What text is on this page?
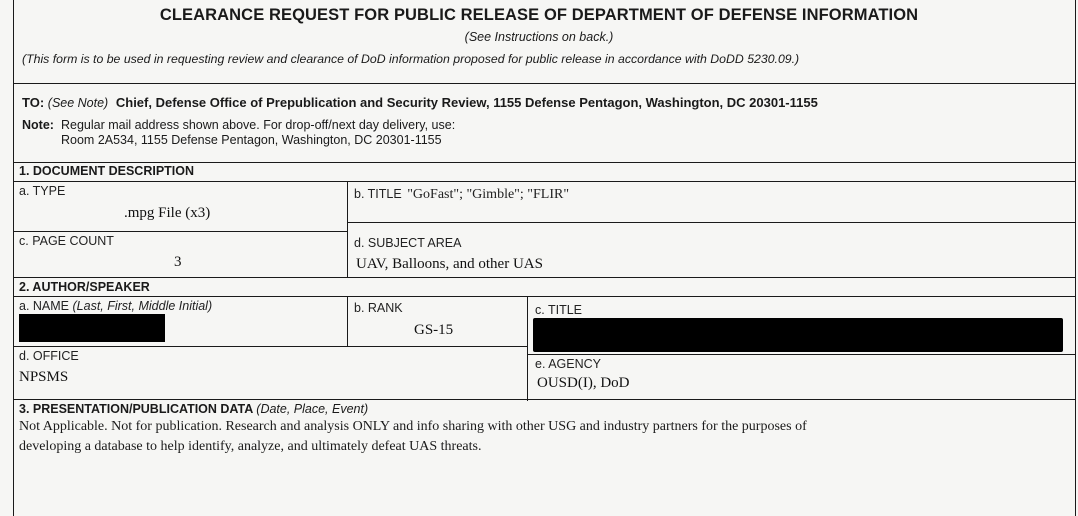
CLEARANCE REQUEST FOR PUBLIC RELEASE OF DEPARTMENT OF DEFENSE INFORMATION
(See Instructions on back.)
(This form is to be used in requesting review and clearance of DoD information proposed for public release in accordance with DoDD 5230.09.)
TO: (See Note) Chief, Defense Office of Prepublication and Security Review, 1155 Defense Pentagon, Washington, DC 20301-1155
Note: Regular mail address shown above. For drop-off/next day delivery, use:
Room 2A534, 1155 Defense Pentagon, Washington, DC 20301-1155
1. DOCUMENT DESCRIPTION
a. TYPE
.mpg File (x3)
b. TITLE "GoFast"; "Gimble"; "FLIR"
c. PAGE COUNT
3
d. SUBJECT AREA
UAV, Balloons, and other UAS
2. AUTHOR/SPEAKER
a. NAME (Last, First, Middle Initial)	b. RANK
GS-15
c. TITLE
d. OFFICE
NPSMS
e. AGENCY
OUSD(I), DoD
3. PRESENTATION/PUBLICATION DATA (Date, Place, Event)
Not Applicable. Not for publication. Research and analysis ONLY and info sharing with other USG and industry partners for the purposes of
developing a database to help identify, analyze, and ultimately defeat UAS threats.
